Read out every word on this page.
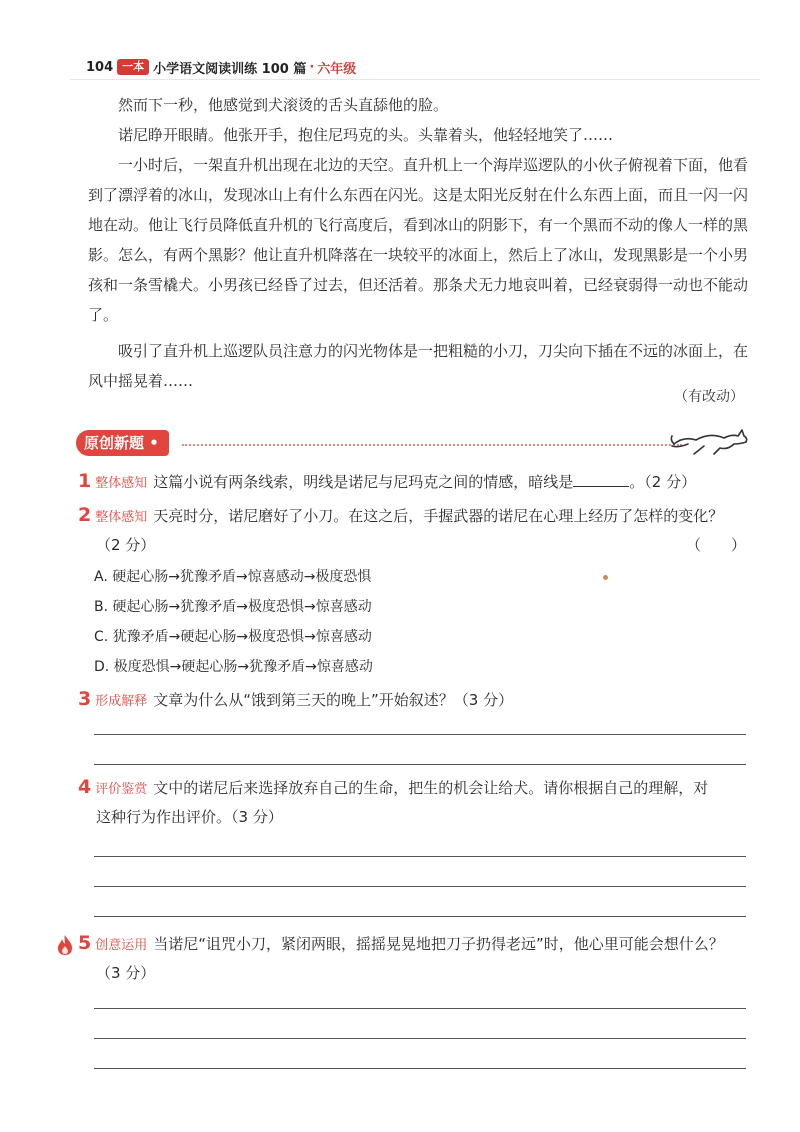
104 一本 小学语文阅读训练 100 篇 · 六年级

然而下一秒，他感觉到犬滚烫的舌头直舔他的脸。

诺尼睁开眼睛。他张开手，抱住尼玛克的头。头靠着头，他轻轻地笑了……

一小时后，一架直升机出现在北边的天空。直升机上一个海岸巡逻队的小伙子俯视着下面，他看到了漂浮着的冰山，发现冰山上有什么东西在闪光。这是太阳光反射在什么东西上面，而且一闪一闪地在动。他让飞行员降低直升机的飞行高度后，看到冰山的阴影下，有一个黑而不动的像人一样的黑影。怎么，有两个黑影？他让直升机降落在一块较平的冰面上，然后上了冰山，发现黑影是一个小男孩和一条雪橇犬。小男孩已经昏了过去，但还活着。那条犬无力地哀叫着，已经衰弱得一动也不能动了。

吸引了直升机上巡逻队员注意力的闪光物体是一把粗糙的小刀，刀尖向下插在不远的冰面上，在风中摇晃着……

（有改动）
原创新题 •
1 整体感知 这篇小说有两条线索，明线是诺尼与尼玛克之间的情感，暗线是	。（2 分）
2 整体感知 天亮时分，诺尼磨好了小刀。在这之后，手握武器的诺尼在心理上经历了怎样的变化？
（2 分）	（　　）
A. 硬起心肠→犹豫矛盾→惊喜感动→极度恐惧
B. 硬起心肠→犹豫矛盾→极度恐惧→惊喜感动
C. 犹豫矛盾→硬起心肠→极度恐惧→惊喜感动
D. 极度恐惧→硬起心肠→犹豫矛盾→惊喜感动
3 形成解释 文章为什么从“饿到第三天的晚上”开始叙述？（3 分）
4 评价鉴赏 文中的诺尼后来选择放弃自己的生命，把生的机会让给犬。请你根据自己的理解，对
这种行为作出评价。（3 分）
5 创意运用 当诺尼“诅咒小刀，紧闭两眼，摇摇晃晃地把刀子扔得老远”时，他心里可能会想什么？
（3 分）
